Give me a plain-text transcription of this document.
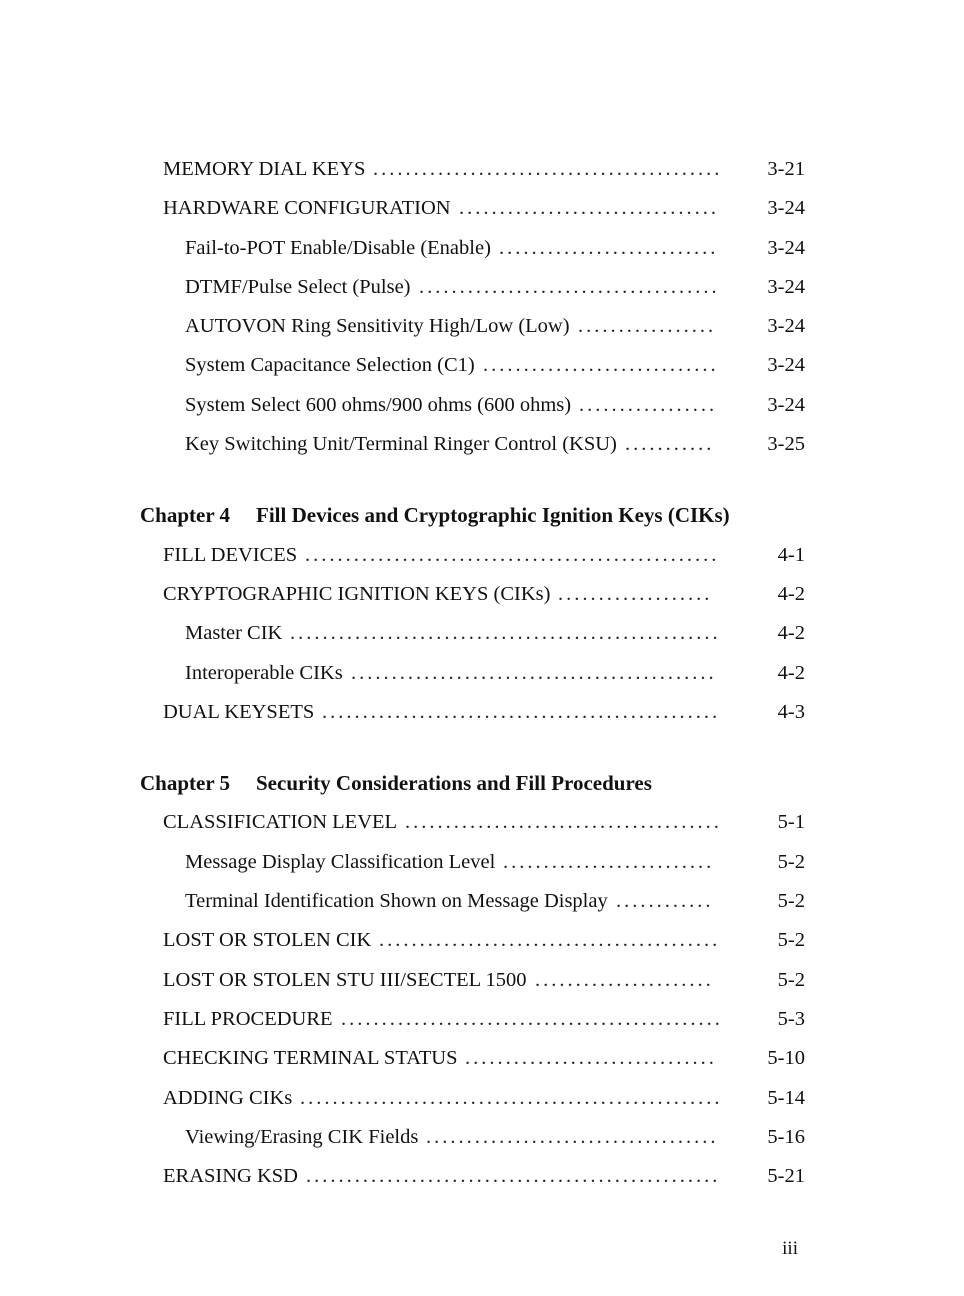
MEMORY DIAL KEYS ........................................... 3-21
HARDWARE CONFIGURATION ................................ 3-24
Fail-to-POT Enable/Disable (Enable) ........................... 3-24
DTMF/Pulse Select (Pulse) ..................................... 3-24
AUTOVON Ring Sensitivity High/Low (Low) .................	3-24
System Capacitance Selection (C1) ............................. 3-24
System Select 600 ohms/900 ohms (600 ohms) ................. 3-24
Key Switching Unit/Terminal Ringer Control (KSU) ...........	3-25
Chapter 4 Fill Devices and Cryptographic Ignition Keys (CIKs)
FILL DEVICES ...................................................	4-1
CRYPTOGRAPHIC IGNITION KEYS (CIKs) ...................	4-2
Master CIK .....................................................	4-2
Interoperable CIKs .............................................	4-2
DUAL KEYSETS .................................................	4-3
Chapter 5 Security Considerations and Fill Procedures
CLASSIFICATION LEVEL .......................................	5-1
Message Display Classification Level ..........................	5-2
Terminal Identification Shown on Message Display ............	5-2
LOST OR STOLEN CIK ..........................................	5-2
LOST OR STOLEN STU III/SECTEL 1500 ......................	5-2
FILL PROCEDURE ...............................................	5-3
CHECKING TERMINAL STATUS ............................... 5-10
ADDING CIKs .................................................... 5-14
Viewing/Erasing CIK Fields .................................... 5-16
ERASING KSD ................................................... 5-21
iii
